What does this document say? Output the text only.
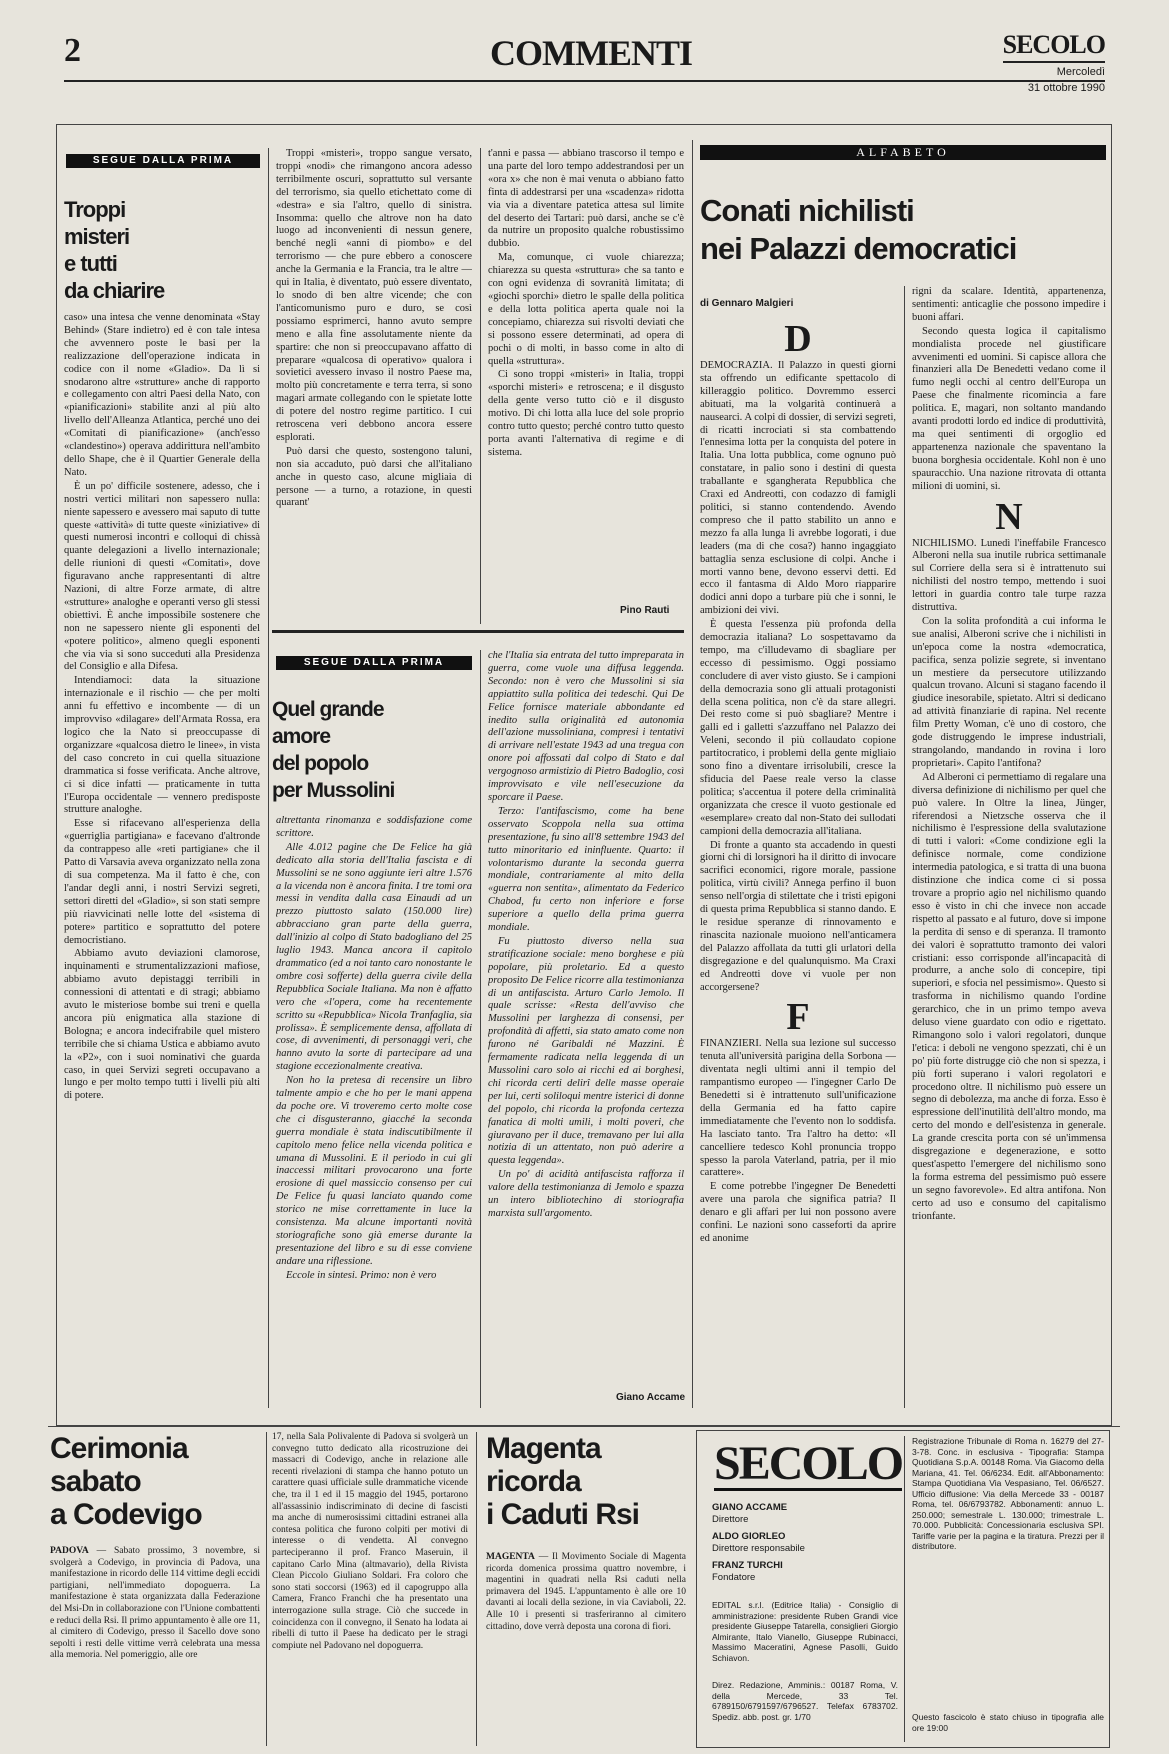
2	COMMENTI	SECOLO
Mercoledì
31 ottobre 1990
SEGUE DALLA PRIMA
Troppi
misteri
e tutti
da chiarire

caso» una intesa che venne denominata «Stay Behind» (Stare indietro) ed è con tale intesa che avvennero poste le basi per la realizzazione dell'operazione indicata in codice con il nome «Gladio». Da lì si snodarono altre «strutture» anche di rapporto e collegamento con altri Paesi della Nato, con «pianificazioni» stabilite anzi al più alto livello dell'Alleanza Atlantica, perché uno dei «Comitati di pianificazione» (anch'esso «clandestino») operava addirittura nell'ambito dello Shape, che è il Quartier Generale della Nato.

È un po' difficile sostenere, adesso, che i nostri vertici militari non sapessero nulla: niente sapessero e avessero mai saputo di tutte queste «attività» di tutte queste «iniziative» di questi numerosi incontri e colloqui di chissà quante delegazioni a livello internazionale; delle riunioni di questi «Comitati», dove figuravano anche rappresentanti di altre Nazioni, di altre Forze armate, di altre «strutture» analoghe e operanti verso gli stessi obiettivi. È anche impossibile sostenere che non ne sapessero niente gli esponenti del «potere politico», almeno quegli esponenti che via via si sono succeduti alla Presidenza del Consiglio e alla Difesa.

Intendiamoci: data la situazione internazionale e il rischio — che per molti anni fu effettivo e incombente — di un improvviso «dilagare» dell'Armata Rossa, era logico che la Nato si preoccupasse di organizzare «qualcosa dietro le linee», in vista del caso concreto in cui quella situazione drammatica si fosse verificata. Anche altrove, ci si dice infatti — praticamente in tutta l'Europa occidentale — vennero predisposte strutture analoghe.

Esse si rifacevano all'esperienza della «guerriglia partigiana» e facevano d'altronde da contrappeso alle «reti partigiane» che il Patto di Varsavia aveva organizzato nella zona di sua competenza. Ma il fatto è che, con l'andar degli anni, i nostri Servizi segreti, settori diretti del «Gladio», si son stati sempre più riavvicinati nelle lotte del «sistema di potere» partitico e soprattutto del potere democristiano.

Abbiamo avuto deviazioni clamorose, inquinamenti e strumentalizzazioni mafiose, abbiamo avuto depistaggi terribili in connessioni di attentati e di stragi; abbiamo avuto le misteriose bombe sui treni e quella ancora più enigmatica alla stazione di Bologna; e ancora indecifrabile quel mistero terribile che si chiama Ustica e abbiamo avuto la «P2», con i suoi nominativi che guarda caso, in quei Servizi segreti occupavano a lungo e per molto tempo tutti i livelli più alti di potere.

Troppi «misteri», troppo sangue versato, troppi «nodi» che rimangono ancora adesso terribilmente oscuri, soprattutto sul versante del terrorismo, sia quello etichettato come di «destra» e sia l'altro, quello di sinistra. Insomma: quello che altrove non ha dato luogo ad inconvenienti di nessun genere, benché negli «anni di piombo» e del terrorismo — che pure ebbero a conoscere anche la Germania e la Francia, tra le altre — qui in Italia, è diventato, può essere diventato, lo snodo di ben altre vicende; che con l'anticomunismo puro e duro, se così possiamo esprimerci, hanno avuto sempre meno e alla fine assolutamente niente da spartire: che non si preoccupavano affatto di preparare «qualcosa di operativo» qualora i sovietici avessero invaso il nostro Paese ma, molto più concretamente e terra terra, si sono magari armate collegando con le spietate lotte di potere del nostro regime partitico. I cui retroscena veri debbono ancora essere esplorati.

Può darsi che questo, sostengono taluni, non sia accaduto, può darsi che all'italiano anche in questo caso, alcune migliaia di persone — a turno, a rotazione, in questi quarant'

t'anni e passa — abbiano trascorso il tempo e una parte del loro tempo addestrandosi per un «ora x» che non è mai venuta o abbiano fatto finta di addestrarsi per una «scadenza» ridotta via via a diventare patetica attesa sul limite del deserto dei Tartari: può darsi, anche se c'è da nutrire un proposito qualche robustissimo dubbio.

Ma, comunque, ci vuole chiarezza; chiarezza su questa «struttura» che sa tanto e con ogni evidenza di sovranità limitata; di «giochi sporchi» dietro le spalle della politica e della lotta politica aperta quale noi la concepiamo, chiarezza sui risvolti deviati che si possono essere determinati, ad opera di pochi o di molti, in basso come in alto di quella «struttura».

Ci sono troppi «misteri» in Italia, troppi «sporchi misteri» e retroscena; e il disgusto della gente verso tutto ciò e il disgusto motivo. Di chi lotta alla luce del sole proprio contro tutto questo; perché contro tutto questo porta avanti l'alternativa di regime e di sistema.

Pino Rauti
SEGUE DALLA PRIMA
Quel grande
amore
del popolo
per Mussolini

altrettanta rinomanza e soddisfazione come scrittore.

Alle 4.012 pagine che De Felice ha già dedicato alla storia dell'Italia fascista e di Mussolini se ne sono aggiunte ieri altre 1.576 a la vicenda non è ancora finita. I tre tomi ora messi in vendita dalla casa Einaudi ad un prezzo piuttosto salato (150.000 lire) abbracciano gran parte della guerra, dall'inizio al colpo di Stato badogliano del 25 luglio 1943. Manca ancora il capitolo drammatico (ed a noi tanto caro nonostante le ombre così sofferte) della guerra civile della Repubblica Sociale Italiana. Ma non è affatto vero che «l'opera, come ha recentemente scritto su «Repubblica» Nicola Tranfaglia, sia prolissa». È semplicemente densa, affollata di cose, di avvenimenti, di personaggi veri, che hanno avuto la sorte di partecipare ad una stagione eccezionalmente creativa.

Non ho la pretesa di recensire un libro talmente ampio e che ho per le mani appena da poche ore. Vi troveremo certo molte cose che ci disgusteranno, giacché la seconda guerra mondiale è stata indiscutibilmente il capitolo meno felice nella vicenda politica e umana di Mussolini. E il periodo in cui gli inaccessi militari provocarono una forte erosione di quel massiccio consenso per cui De Felice fu quasi lanciato quando come storico ne mise correttamente in luce la consistenza. Ma alcune importanti novità storiografiche sono già emerse durante la presentazione del libro e su di esse conviene andare una riflessione.

Eccole in sintesi. Primo: non è vero

che l'Italia sia entrata del tutto impreparata in guerra, come vuole una diffusa leggenda. Secondo: non è vero che Mussolini si sia appiattito sulla politica dei tedeschi. Qui De Felice fornisce materiale abbondante ed inedito sulla originalità ed autonomia dell'azione mussoliniana, compresi i tentativi di arrivare nell'estate 1943 ad una tregua con onore poi affossati dal colpo di Stato e dal vergognoso armistizio di Pietro Badoglio, così improvvisato e vile nell'esecuzione da sporcare il Paese.

Terzo: l'antifascismo, come ha bene osservato Scoppola nella sua ottima presentazione, fu sino all'8 settembre 1943 del tutto minoritario ed ininfluente. Quarto: il volontarismo durante la seconda guerra mondiale, contrariamente al mito della «guerra non sentita», alimentato da Federico Chabod, fu certo non inferiore e forse superiore a quello della prima guerra mondiale.

Fu piuttosto diverso nella sua stratificazione sociale: meno borghese e più popolare, più proletario. Ed a questo proposito De Felice ricorre alla testimonianza di un antifascista. Arturo Carlo Jemolo. Il quale scrisse: «Resta dell'avviso che Mussolini per larghezza di consensi, per profondità di affetti, sia stato amato come non furono né Garibaldi né Mazzini. È fermamente radicata nella leggenda di un Mussolini caro solo ai ricchi ed ai borghesi, chi ricorda certi delirî delle masse operaie per lui, certi soliloqui mentre isterici di donne del popolo, chi ricorda la profonda certezza fanatica di molti umili, i molti poveri, che giuravano per il duce, tremavano per lui alla notizia di un attentato, non può aderire a questa leggenda».

Un po' di acidità antifascista rafforza il valore della testimonianza di Jemolo e spazza un intero bibliotechino di storiografia marxista sull'argomento.

Giano Accame
ALFABETO
Conati nichilisti
nei Palazzi democratici
di Gennaro Malgieri
D

DEMOCRAZIA. Il Palazzo in questi giorni sta offrendo un edificante spettacolo di killeraggio politico. Dovremmo esserci abituati, ma la volgarità continuerà a nausearci. A colpi di dossier, di servizi segreti, di ricatti incrociati si sta combattendo l'ennesima lotta per la conquista del potere in Italia. Una lotta pubblica, come ognuno può constatare, in palio sono i destini di questa traballante e sgangherata Repubblica che Craxi ed Andreotti, con codazzo di famigli politici, si stanno contendendo. Avendo compreso che il patto stabilito un anno e mezzo fa alla lunga li avrebbe logorati, i due leaders (ma di che cosa?) hanno ingaggiato battaglia senza esclusione di colpi. Anche i morti vanno bene, devono esservi detti. Ed ecco il fantasma di Aldo Moro riapparire dodici anni dopo a turbare più che i sonni, le ambizioni dei vivi.

È questa l'essenza più profonda della democrazia italiana? Lo sospettavamo da tempo, ma c'illudevamo di sbagliare per eccesso di pessimismo. Oggi possiamo concludere di aver visto giusto. Se i campioni della democrazia sono gli attuali protagonisti della scena politica, non c'è da stare allegri. Dei resto come si può sbagliare? Mentre i galli ed i galletti s'azzuffano nel Palazzo dei Veleni, secondo il più collaudato copione partitocratico, i problemi della gente migliaio sono fino a diventare irrisolubili, cresce la sfiducia del Paese reale verso la classe politica; s'accentua il potere della criminalità organizzata che cresce il vuoto gestionale ed «esemplare» creato dal non-Stato dei sullodati campioni della democrazia all'italiana.

Di fronte a quanto sta accadendo in questi giorni chi di lorsignori ha il diritto di invocare sacrifici economici, rigore morale, passione politica, virtù civili? Annega perfino il buon senso nell'orgia di stilettate che i tristi epigoni di questa prima Repubblica si stanno dando. E le residue speranze di rinnovamento e rinascita nazionale muoiono nell'anticamera del Palazzo affollata da tutti gli urlatori della disgregazione e del qualunquismo. Ma Craxi ed Andreotti dove vi vuole per non accorgersene?

F

FINANZIERI. Nella sua lezione sul successo tenuta all'università parigina della Sorbona — diventata negli ultimi anni il tempio del rampantismo europeo — l'ingegner Carlo De Benedetti si è intrattenuto sull'unificazione della Germania ed ha fatto capire immediatamente che l'evento non lo soddisfa. Ha lasciato tanto. Tra l'altro ha detto: «Il cancelliere tedesco Kohl pronuncia troppo spesso la parola Vaterland, patria, per il mio carattere».

E come potrebbe l'ingegner De Benedetti avere una parola che significa patria? Il denaro e gli affari per lui non possono avere confini. Le nazioni sono casseforti da aprire ed anonime

rigni da scalare. Identità, appartenenza, sentimenti: anticaglie che possono impedire i buoni affari.

Secondo questa logica il capitalismo mondialista procede nel giustificare avvenimenti ed uomini. Si capisce allora che finanzieri alla De Benedetti vedano come il fumo negli occhi al centro dell'Europa un Paese che finalmente ricomincia a fare politica. E, magari, non soltanto mandando avanti prodotti lordo ed indice di produttività, ma quei sentimenti di orgoglio ed appartenenza nazionale che spaventano la buona borghesia occidentale. Kohl non è uno spauracchio. Una nazione ritrovata di ottanta milioni di uomini, sì.

N

NICHILISMO. Lunedì l'ineffabile Francesco Alberoni nella sua inutile rubrica settimanale sul Corriere della sera si è intrattenuto sui nichilisti del nostro tempo, mettendo i suoi lettori in guardia contro tale turpe razza distruttiva.

Con la solita profondità a cui informa le sue analisi, Alberoni scrive che i nichilisti in un'epoca come la nostra «democratica, pacifica, senza polizie segrete, si inventano un mestiere da persecutore utilizzando qualcun trovano. Alcuni si stagano facendo il giudice inesorabile, spietato. Altri si dedicano ad attività finanziarie di rapina. Nel recente film Pretty Woman, c'è uno di costoro, che gode distruggendo le imprese industriali, strangolando, mandando in rovina i loro proprietari». Capito l'antifona?

Ad Alberoni ci permettiamo di regalare una diversa definizione di nichilismo per quel che può valere. In Oltre la linea, Jünger, riferendosi a Nietzsche osserva che il nichilismo è l'espressione della svalutazione di tutti i valori: «Come condizione egli la definisce normale, come condizione intermedia patologica, e si tratta di una buona distinzione che indica come ci si possa trovare a proprio agio nel nichilismo quando esso è visto in chi che invece non accade rispetto al passato e al futuro, dove si impone la perdita di senso e di speranza. Il tramonto dei valori è soprattutto tramonto dei valori cristiani: esso corrisponde all'incapacità di produrre, a anche solo di concepire, tipi superiori, e sfocia nel pessimismo». Questo si trasforma in nichilismo quando l'ordine gerarchico, che in un primo tempo aveva deluso viene guardato con odio e rigettato. Rimangono solo i valori regolatori, dunque l'etica: i deboli ne vengono spezzati, chi è un po' più forte distrugge ciò che non si spezza, i più forti superano i valori regolatori e procedono oltre. Il nichilismo può essere un segno di debolezza, ma anche di forza. Esso è espressione dell'inutilità dell'altro mondo, ma certo del mondo e dell'esistenza in generale. La grande crescita porta con sé un'immensa disgregazione e degenerazione, e sotto quest'aspetto l'emergere del nichilismo sono la forma estrema del pessimismo può essere un segno favorevole». Ed altra antifona. Non certo ad uso e consumo del capitalismo trionfante.

Cerimonia
sabato
a Codevigo

PADOVA — Sabato prossimo, 3 novembre, si svolgerà a Codevigo, in provincia di Padova, una manifestazione in ricordo delle 114 vittime degli eccidi partigiani, nell'immediato dopoguerra. La manifestazione è stata organizzata dalla Federazione del Msi-Dn in collaborazione con l'Unione combattenti e reduci della Rsi. Il primo appuntamento è alle ore 11, al cimitero di Codevigo, presso il Sacello dove sono sepolti i resti delle vittime verrà celebrata una messa alla memoria. Nel pomeriggio, alle ore

17, nella Sala Polivalente di Padova si svolgerà un convegno tutto dedicato alla ricostruzione dei massacri di Codevigo, anche in relazione alle recenti rivelazioni di stampa che hanno potuto un carattere quasi ufficiale sulle drammatiche vicende che, tra il 1 ed il 15 maggio del 1945, portarono all'assassinio indiscriminato di decine di fascisti ma anche di numerosissimi cittadini estranei alla contesa politica che furono colpiti per motivi di interesse o di vendetta. Al convegno parteciperanno il prof. Franco Maseruin, il capitano Carlo Mina (altmavario), della Rivista Clean Piccolo Giuliano Soldari. Fra coloro che sono stati soccorsi (1963) ed il capogruppo alla Camera, Franco Franchi che ha presentato una interrogazione sulla strage. Ciò che succede in coincidenza con il convegno, il Senato ha lodata ai ribelli di tutto il Paese ha dedicato per le stragi compiute nel Padovano nel dopoguerra.

Magenta
ricorda
i Caduti Rsi

MAGENTA — Il Movimento Sociale di Magenta ricorda domenica prossima quattro novembre, i magentini in quadrati nella Rsi caduti nella primavera del 1945. L'appuntamento è alle ore 10 davanti ai locali della sezione, in via Caviaboli, 22. Alle 10 i presenti si trasferiranno al cimitero cittadino, dove verrà deposta una corona di fiori.

SECOLO
GIANO ACCAME
Direttore
ALDO GIORLEO
Direttore responsabile
FRANZ TURCHI
Fondatore
EDITAL s.r.l. (Editrice Italia) - Consiglio di amministrazione: presidente Ruben Grandi vice presidente Giuseppe Tatarella, consiglieri Giorgio Almirante, Italo Vianello, Giuseppe Rubinacci, Massimo Maceratini, Agnese Pasolli, Guido Schiavon.
Direz. Redazione, Amminis.: 00187 Roma, V. della Mercede, 33 Tel. 6789150/6791597/6796527. Telefax 6783702. Spediz. abb. post. gr. 1/70
Registrazione Tribunale di Roma n. 16279 del 27-3-78. Conc. in esclusiva - Tipografia: Stampa Quotidiana S.p.A. 00148 Roma. Via Giacomo della Mariana, 41. Tel. 06/6234. Edit. all'Abbonamento: Stampa Quotidiana Via Vespasiano, Tel. 06/6527. Ufficio diffusione: Via della Mercede 33 - 00187 Roma, tel. 06/6793782. Abbonamenti: annuo L. 250.000; semestrale L. 130.000; trimestrale L. 70.000. Pubblicità: Concessionaria esclusiva SPI. Tariffe varie per la pagina e la tiratura. Prezzi per il distributore.
Questo fascicolo è stato chiuso in tipografia alle ore 19:00
